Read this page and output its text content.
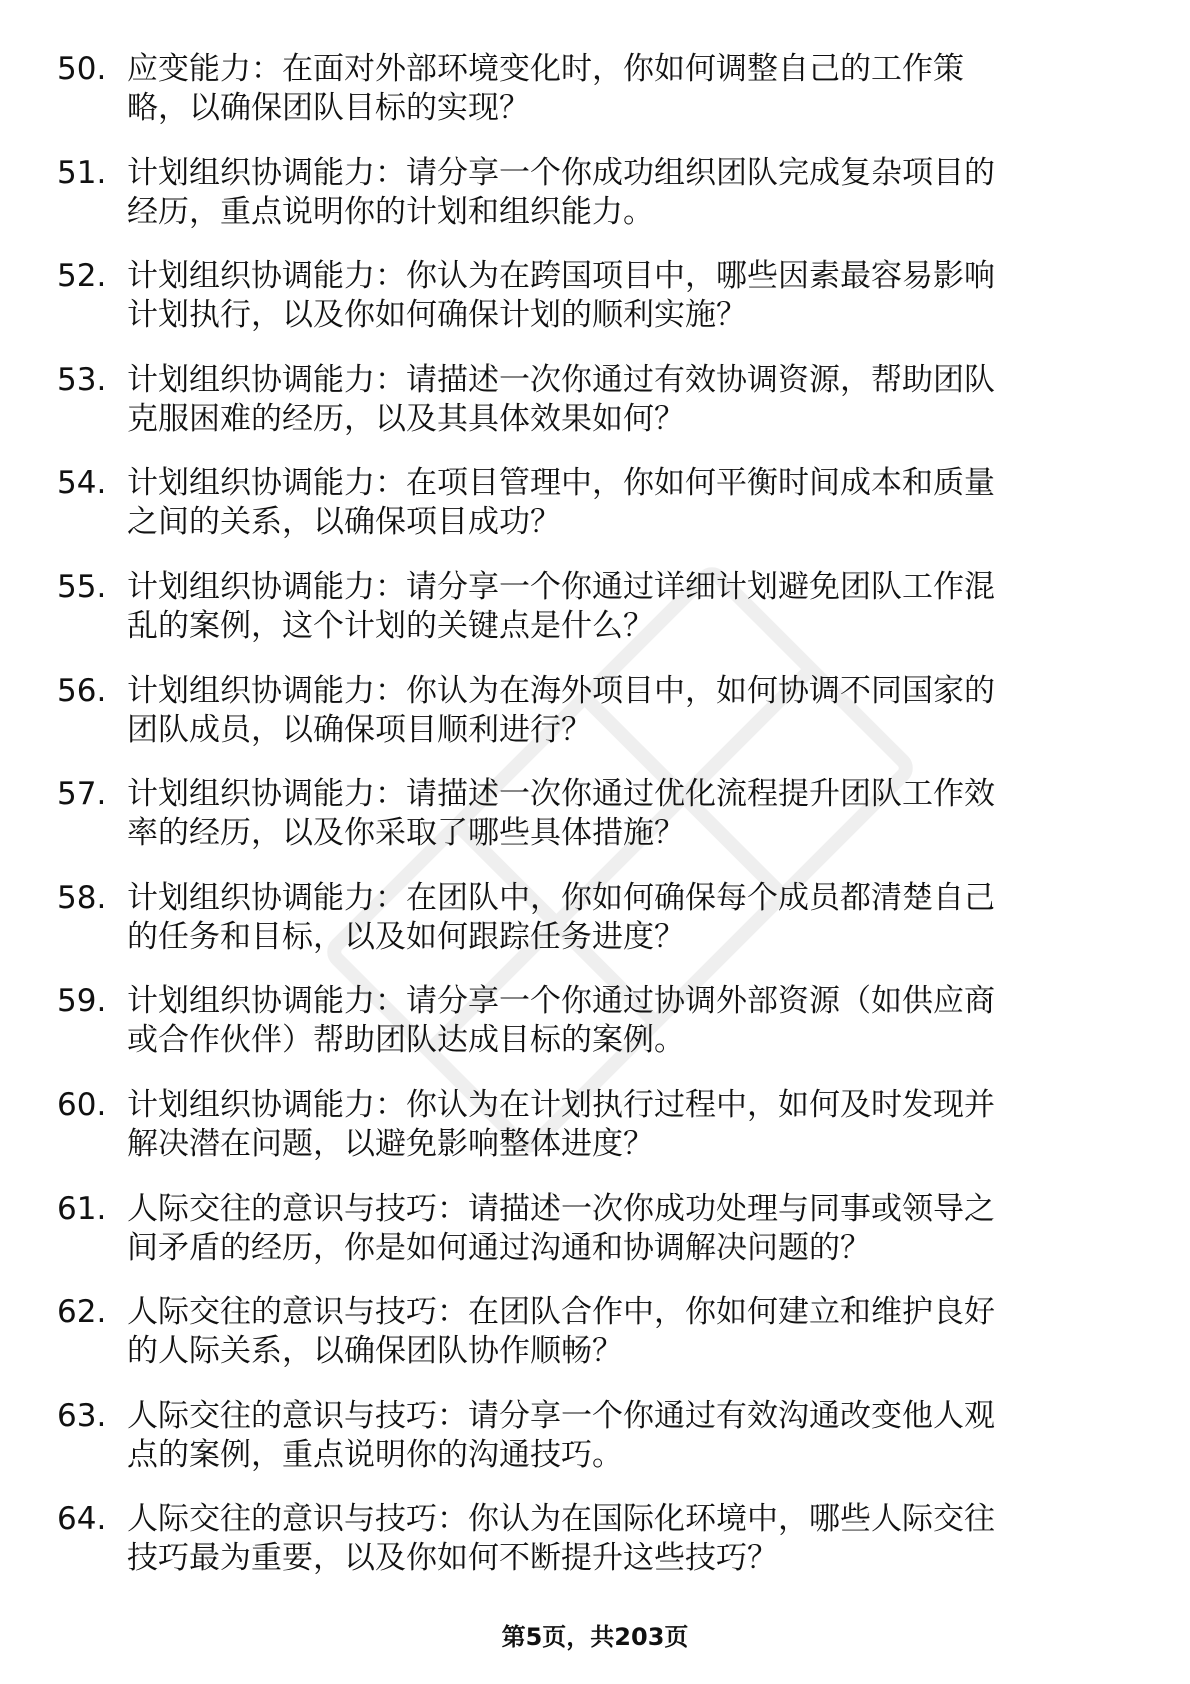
50. 应变能力：在面对外部环境变化时，你如何调整自己的工作策
略，以确保团队目标的实现？
51. 计划组织协调能力：请分享一个你成功组织团队完成复杂项目的
经历，重点说明你的计划和组织能力。
52. 计划组织协调能力：你认为在跨国项目中，哪些因素最容易影响
计划执行，以及你如何确保计划的顺利实施？
53. 计划组织协调能力：请描述一次你通过有效协调资源，帮助团队
克服困难的经历，以及其具体效果如何？
54. 计划组织协调能力：在项目管理中，你如何平衡时间成本和质量
之间的关系，以确保项目成功？
55. 计划组织协调能力：请分享一个你通过详细计划避免团队工作混
乱的案例，这个计划的关键点是什么？
56. 计划组织协调能力：你认为在海外项目中，如何协调不同国家的
团队成员，以确保项目顺利进行？
57. 计划组织协调能力：请描述一次你通过优化流程提升团队工作效
率的经历，以及你采取了哪些具体措施？
58. 计划组织协调能力：在团队中，你如何确保每个成员都清楚自己
的任务和目标，以及如何跟踪任务进度？
59. 计划组织协调能力：请分享一个你通过协调外部资源（如供应商
或合作伙伴）帮助团队达成目标的案例。
60. 计划组织协调能力：你认为在计划执行过程中，如何及时发现并
解决潜在问题，以避免影响整体进度？
61. 人际交往的意识与技巧：请描述一次你成功处理与同事或领导之
间矛盾的经历，你是如何通过沟通和协调解决问题的？
62. 人际交往的意识与技巧：在团队合作中，你如何建立和维护良好
的人际关系，以确保团队协作顺畅？
63. 人际交往的意识与技巧：请分享一个你通过有效沟通改变他人观
点的案例，重点说明你的沟通技巧。
64. 人际交往的意识与技巧：你认为在国际化环境中，哪些人际交往
技巧最为重要，以及你如何不断提升这些技巧？
第5页，共203页
